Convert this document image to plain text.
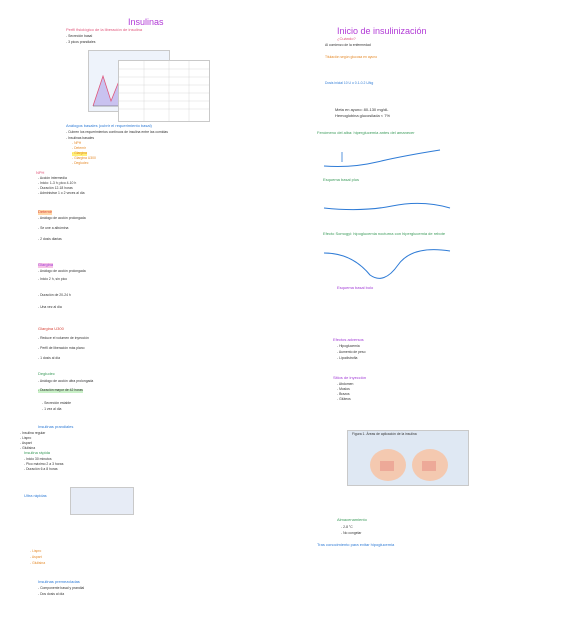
Insulinas
Perfil fisiológico de la liberación de insulina
- Secreción basal
- 3 picos prandiales
Análogos basales (cubrir el requerimiento basal)
- Cubren los requerimientos continuos de insulina entre las comidas
- Insulinas basales
- NPH
- Detemir
- Glargina
- Glargina U300
- Degludec
NPH
- Acción intermedia
- Inicio: 1-3 h; pico 4-10 h
- Duración 12-18 horas
- Administrar 1 o 2 veces al día
Detemir
- Análogo de acción prolongada
- Se une a albúmina
- 2 dosis diarias
Glargina
- Análogo de acción prolongada
- Inicio 2 h, sin pico
- Duración de 20-24 h
- Una vez al día
Glargina U300
- Reduce el volumen de inyección
- Perfil de liberación más plano
- 1 dosis al día
Degludec
- Análogo de acción ultra prolongada
- Duración mayor de 42 horas
- Secreción estable
- 1 vez al día
Insulinas prandiales
- Insulina regular
- Lispro
- Aspart
- Glulisina
Insulina rápida
- Inicio 30 minutos
- Pico máximo 2 a 3 horas
- Duración 6 a 8 horas
Ultra rápidas
- Lispro
- Aspart
- Glulisina
Insulinas premezcladas
- Componente basal y prandial
- Dos dosis al día
Inicio de insulinización
¿Cuándo?
Al comienzo de la enfermedad
Titulación según glucosa en ayuno
Dosis inicial 10 U o 0.1-0.2 U/kg
Meta en ayuno: 80-130 mg/dL
Hemoglobina glucosilada < 7%
Fenómeno del alba: hiperglucemia antes del amanecer
Esquema basal plus
Efecto Somogyi: hipoglucemia nocturna con hiperglucemia de rebote
Esquema basal bolo
Efectos adversos
- Hipoglucemia
- Aumento de peso
- Lipodistrofia
Sitios de inyección
- Abdomen
- Muslos
- Brazos
- Glúteos
Figura 1. Áreas de aplicación de la insulina
Almacenamiento
- 2-8 °C
- No congelar
Tras conocimiento para evitar hipoglucemia
